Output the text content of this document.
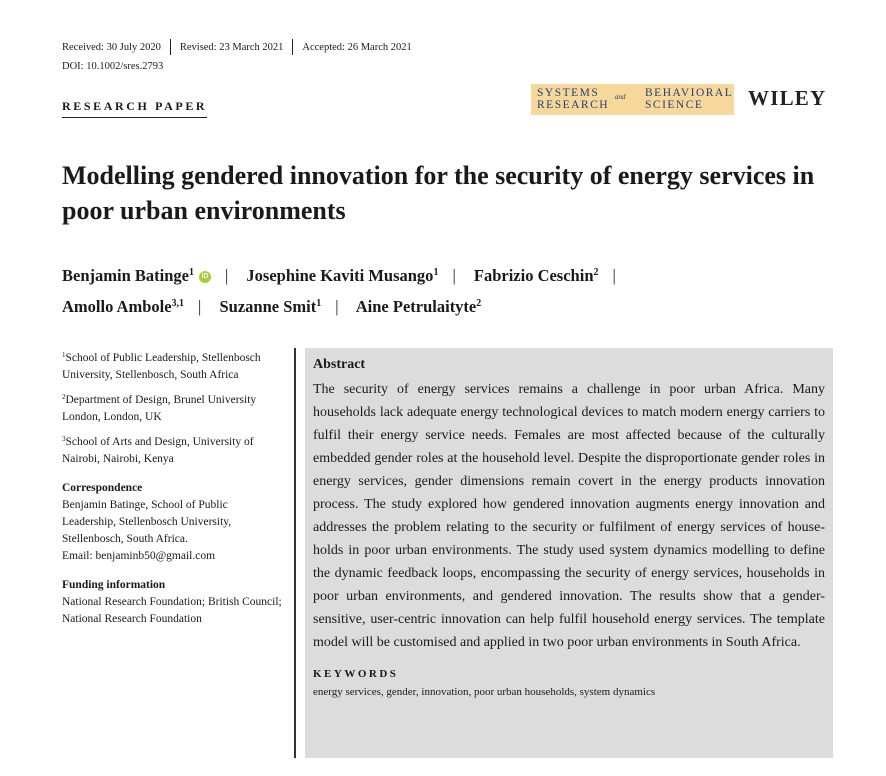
Received: 30 July 2020 Revised: 23 March 2021 Accepted: 26 March 2021
DOI: 10.1002/sres.2793
RESEARCH PAPER
SYSTEMS	BEHAVIORAL
and
RESEARCH	SCIENCE WILEY
Modelling gendered innovation for the security of energy services in poor urban environments
Benjamin Batinge$^1$ iD | Josephine Kaviti Musango$^1$ | Fabrizio Ceschin$^2$ |
Amollo Ambole$^{3,1}$ | Suzanne Smit$^1$ | Aine Petrulaityte$^2$

$^1$School of Public Leadership, Stellenbosch University, Stellenbosch, South Africa

$^2$Department of Design, Brunel University London, London, UK

$^3$School of Arts and Design, University of Nairobi, Nairobi, Kenya

Correspondence

Benjamin Batinge, School of Public Leadership, Stellenbosch University, Stellenbosch, South Africa.

Email: benjaminb50@gmail.com

Funding information

National Research Foundation; British Council; National Research Foundation

Abstract

The security of energy services remains a challenge in poor urban Africa. Many households lack adequate energy technological devices to match modern energy carriers to fulfil their energy service needs. Females are most affected because of the culturally embedded gender roles at the household level. Despite the disproportionate gender roles in energy services, gender dimensions remain covert in the energy products innovation process. The study explored how gendered innovation augments energy innovation and addresses the problem relating to the security or fulfilment of energy services of households in poor urban environments. The study used system dynamics modelling to define the dynamic feedback loops, encompassing the security of energy services, households in poor urban environments, and gendered innovation. The results show that a gender-sensitive, user-centric innovation can help fulfil household energy services. The template model will be customised and applied in two poor urban environments in South Africa.

KEYWORDS

energy services, gender, innovation, poor urban households, system dynamics
